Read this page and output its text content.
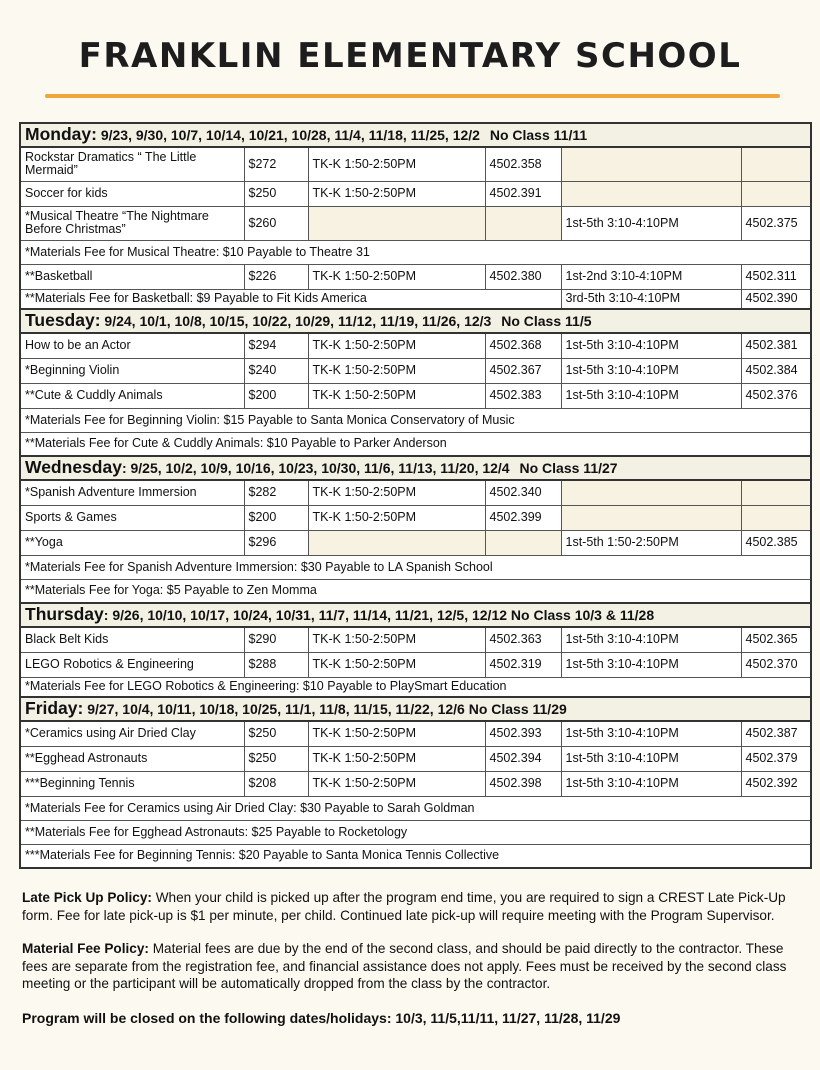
FRANKLIN ELEMENTARY SCHOOL
Monday: 9/23, 9/30, 10/7, 10/14, 10/21, 10/28, 11/4, 11/18, 11/25, 12/2 No Class 11/11					
Rockstar Dramatics “ The Little Mermaid”	$272	TK-K 1:50-2:50PM	4502.358		
Soccer for kids	$250	TK-K 1:50-2:50PM	4502.391		
*Musical Theatre “The Nightmare Before Christmas”	$260			1st-5th 3:10-4:10PM	4502.375
*Materials Fee for Musical Theatre: $10 Payable to Theatre 31					
**Basketball	$226	TK-K 1:50-2:50PM	4502.380	1st-2nd 3:10-4:10PM	4502.311
**Materials Fee for Basketball: $9 Payable to Fit Kids America				3rd-5th 3:10-4:10PM	4502.390
Tuesday: 9/24, 10/1, 10/8, 10/15, 10/22, 10/29, 11/12, 11/19, 11/26, 12/3 No Class 11/5					
How to be an Actor	$294	TK-K 1:50-2:50PM	4502.368	1st-5th 3:10-4:10PM	4502.381
*Beginning Violin	$240	TK-K 1:50-2:50PM	4502.367	1st-5th 3:10-4:10PM	4502.384
**Cute & Cuddly Animals	$200	TK-K 1:50-2:50PM	4502.383	1st-5th 3:10-4:10PM	4502.376
*Materials Fee for Beginning Violin: $15 Payable to Santa Monica Conservatory of Music					
**Materials Fee for Cute & Cuddly Animals: $10 Payable to Parker Anderson					
Wednesday: 9/25, 10/2, 10/9, 10/16, 10/23, 10/30, 11/6, 11/13, 11/20, 12/4 No Class 11/27					
*Spanish Adventure Immersion	$282	TK-K 1:50-2:50PM	4502.340		
Sports & Games	$200	TK-K 1:50-2:50PM	4502.399		
**Yoga	$296			1st-5th 1:50-2:50PM	4502.385
*Materials Fee for Spanish Adventure Immersion: $30 Payable to LA Spanish School					
**Materials Fee for Yoga: $5 Payable to Zen Momma					
Thursday: 9/26, 10/10, 10/17, 10/24, 10/31, 11/7, 11/14, 11/21, 12/5, 12/12 No Class 10/3 & 11/28					
Black Belt Kids	$290	TK-K 1:50-2:50PM	4502.363	1st-5th 3:10-4:10PM	4502.365
LEGO Robotics & Engineering	$288	TK-K 1:50-2:50PM	4502.319	1st-5th 3:10-4:10PM	4502.370
*Materials Fee for LEGO Robotics & Engineering: $10 Payable to PlaySmart Education					
Friday: 9/27, 10/4, 10/11, 10/18, 10/25, 11/1, 11/8, 11/15, 11/22, 12/6 No Class 11/29					
*Ceramics using Air Dried Clay	$250	TK-K 1:50-2:50PM	4502.393	1st-5th 3:10-4:10PM	4502.387
**Egghead Astronauts	$250	TK-K 1:50-2:50PM	4502.394	1st-5th 3:10-4:10PM	4502.379
***Beginning Tennis	$208	TK-K 1:50-2:50PM	4502.398	1st-5th 3:10-4:10PM	4502.392
*Materials Fee for Ceramics using Air Dried Clay: $30 Payable to Sarah Goldman					
**Materials Fee for Egghead Astronauts: $25 Payable to Rocketology					
***Materials Fee for Beginning Tennis: $20 Payable to Santa Monica Tennis Collective					

Late Pick Up Policy: When your child is picked up after the program end time, you are required to sign a CREST Late Pick-Up form. Fee for late pick-up is $1 per minute, per child. Continued late pick-up will require meeting with the Program Supervisor.

Material Fee Policy: Material fees are due by the end of the second class, and should be paid directly to the contractor. These fees are separate from the registration fee, and financial assistance does not apply. Fees must be received by the second class meeting or the participant will be automatically dropped from the class by the contractor.

Program will be closed on the following dates/holidays: 10/3, 11/5,11/11, 11/27, 11/28, 11/29
